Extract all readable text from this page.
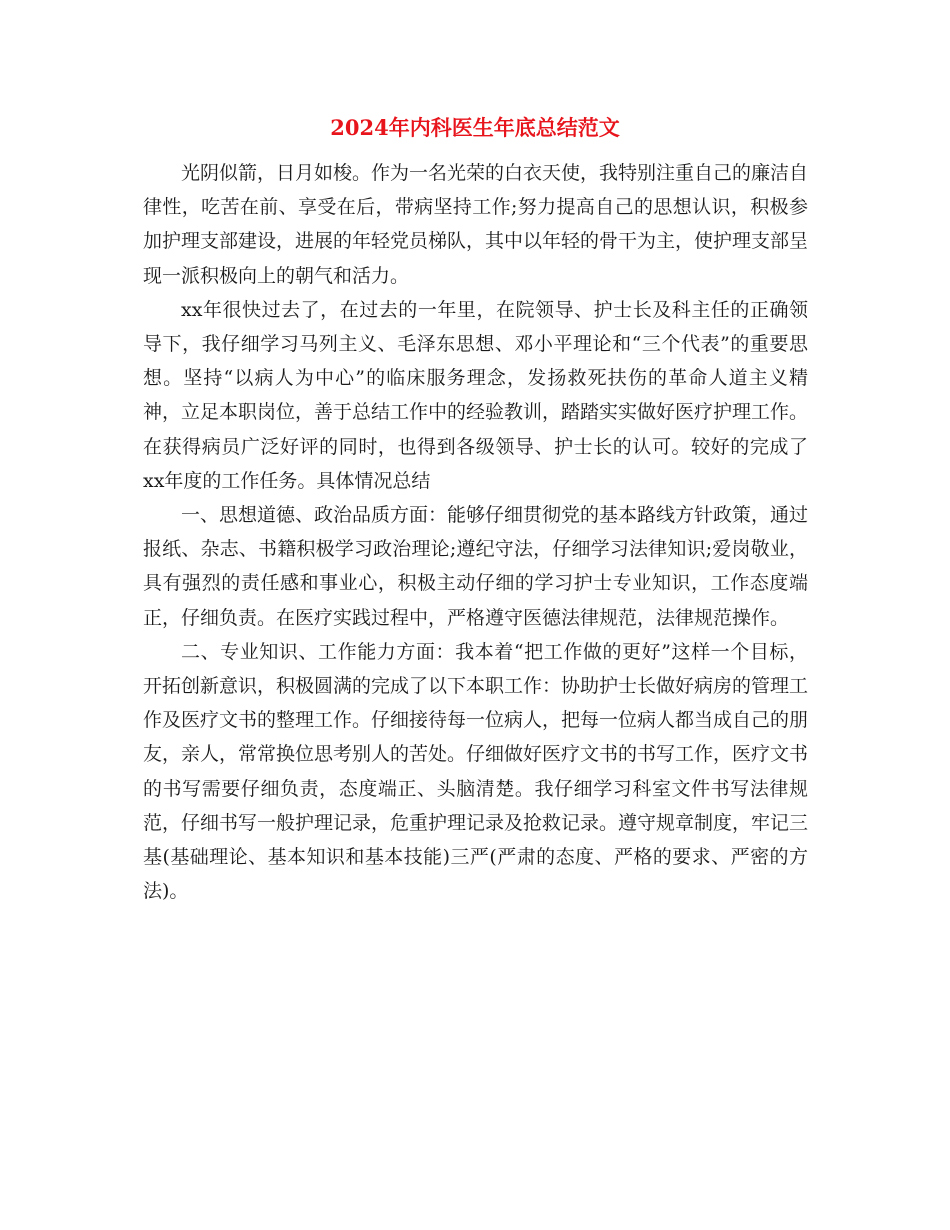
2024年内科医生年底总结范文

光阴似箭，日月如梭。作为一名光荣的白衣天使，我特别注重自己的廉洁自律性，吃苦在前、享受在后，带病坚持工作;努力提高自己的思想认识，积极参加护理支部建设，进展的年轻党员梯队，其中以年轻的骨干为主，使护理支部呈现一派积极向上的朝气和活力。

xx年很快过去了，在过去的一年里，在院领导、护士长及科主任的正确领导下，我仔细学习马列主义、毛泽东思想、邓小平理论和“三个代表”的重要思想。坚持“以病人为中心”的临床服务理念，发扬救死扶伤的革命人道主义精神，立足本职岗位，善于总结工作中的经验教训，踏踏实实做好医疗护理工作。在获得病员广泛好评的同时，也得到各级领导、护士长的认可。较好的完成了xx年度的工作任务。具体情况总结

一、思想道德、政治品质方面：能够仔细贯彻党的基本路线方针政策，通过报纸、杂志、书籍积极学习政治理论;遵纪守法，仔细学习法律知识;爱岗敬业，具有强烈的责任感和事业心，积极主动仔细的学习护士专业知识，工作态度端正，仔细负责。在医疗实践过程中，严格遵守医德法律规范，法律规范操作。

二、专业知识、工作能力方面：我本着“把工作做的更好”这样一个目标，开拓创新意识，积极圆满的完成了以下本职工作：协助护士长做好病房的管理工作及医疗文书的整理工作。仔细接待每一位病人，把每一位病人都当成自己的朋友，亲人，常常换位思考别人的苦处。仔细做好医疗文书的书写工作，医疗文书的书写需要仔细负责，态度端正、头脑清楚。我仔细学习科室文件书写法律规范，仔细书写一般护理记录，危重护理记录及抢救记录。遵守规章制度，牢记三基(基础理论、基本知识和基本技能)三严(严肃的态度、严格的要求、严密的方法)。
